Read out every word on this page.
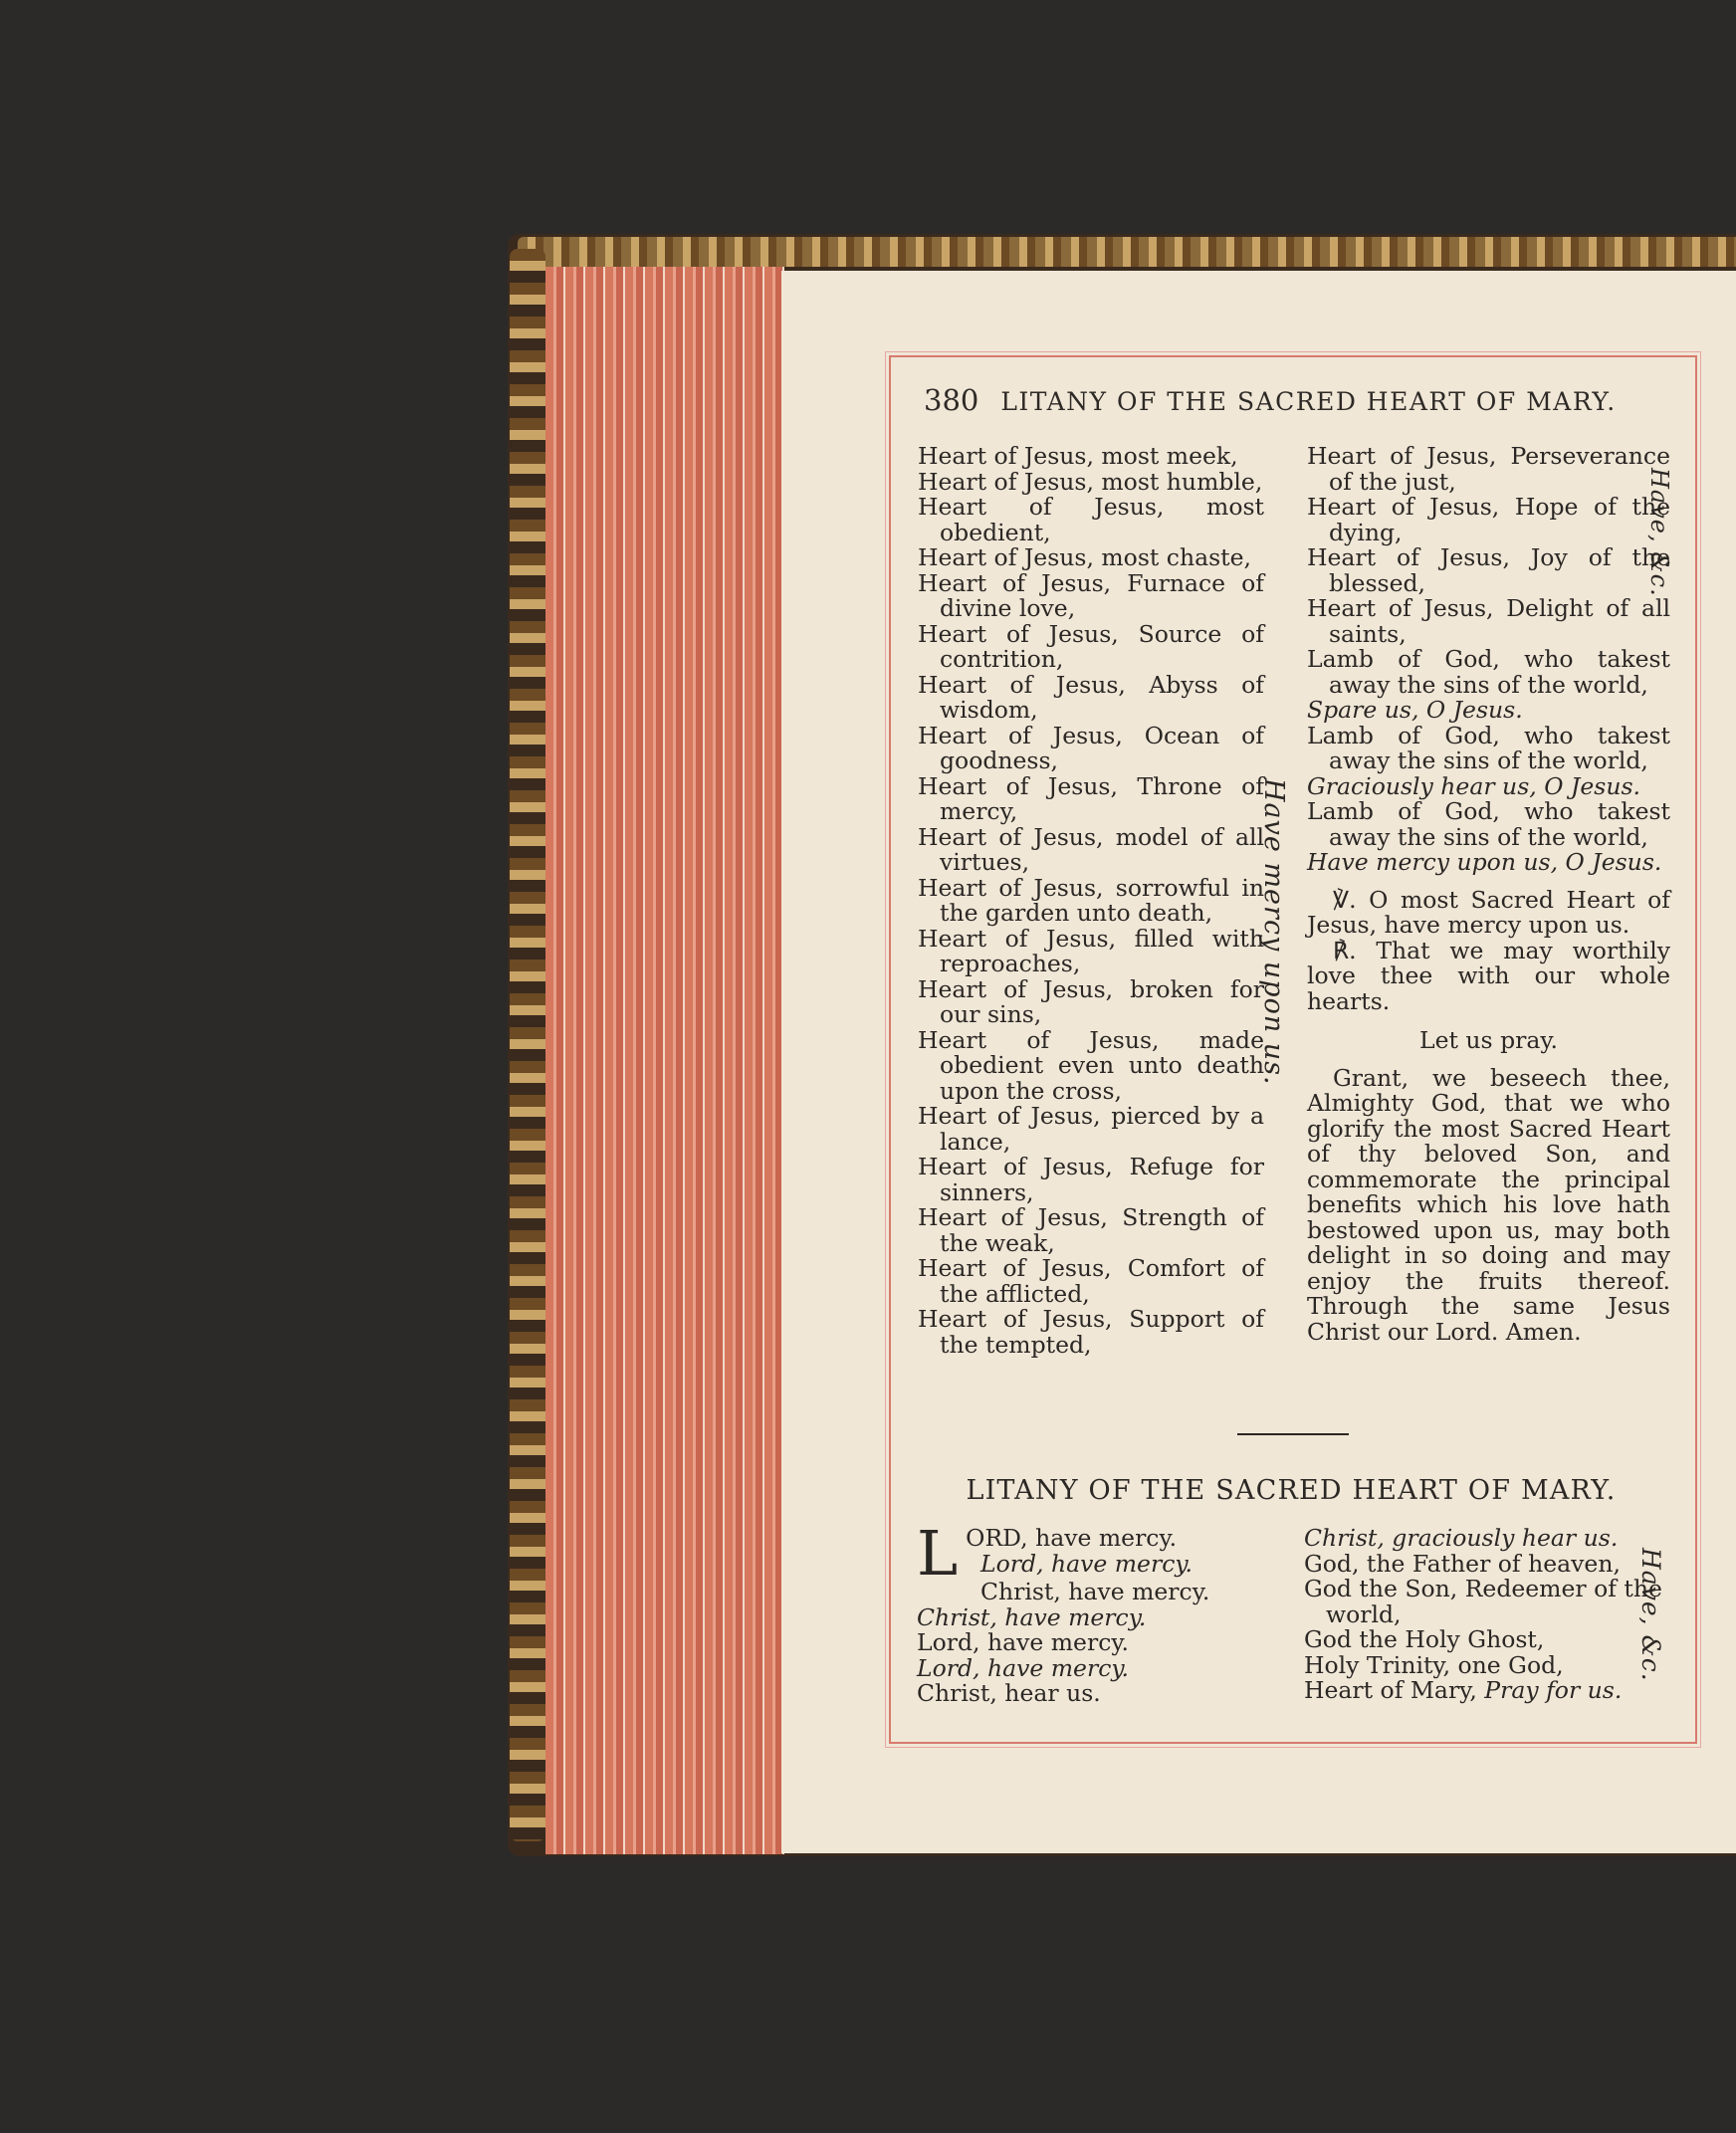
380 LITANY OF THE SACRED HEART OF MARY.

Heart of Jesus, most meek,

Heart of Jesus, most humble,

Heart of Jesus, most obedient,

Heart of Jesus, most chaste,

Heart of Jesus, Furnace of divine love,

Heart of Jesus, Source of contrition,

Heart of Jesus, Abyss of wisdom,

Heart of Jesus, Ocean of goodness,

Heart of Jesus, Throne of mercy,

Heart of Jesus, model of all virtues,

Heart of Jesus, sorrowful in the garden unto death,

Heart of Jesus, filled with reproaches,

Heart of Jesus, broken for our sins,

Heart of Jesus, made obedient even unto death upon the cross,

Heart of Jesus, pierced by a lance,

Heart of Jesus, Refuge for sinners,

Heart of Jesus, Strength of the weak,

Heart of Jesus, Comfort of the afflicted,

Heart of Jesus, Support of the tempted,

Have mercy upon us.

Heart of Jesus, Perseverance of the just,

Heart of Jesus, Hope of the dying,

Heart of Jesus, Joy of the blessed,

Heart of Jesus, Delight of all saints,

Lamb of God, who takest away the sins of the world,

Spare us, O Jesus.

Lamb of God, who takest away the sins of the world,

Graciously hear us, O Jesus.

Lamb of God, who takest away the sins of the world,

Have mercy upon us, O Jesus.

℣. O most Sacred Heart of Jesus, have mercy upon us.

℟. That we may worthily love thee with our whole hearts.

Let us pray.

Grant, we beseech thee, Almighty God, that we who glorify the most Sacred Heart of thy beloved Son, and commemorate the principal benefits which his love hath bestowed upon us, may both delight in so doing and may enjoy the fruits thereof. Through the same Jesus Christ our Lord. Amen.

Have, &c.
LITANY OF THE SACRED HEART OF MARY.

L ORD, have mercy.

Lord, have mercy.

Christ, have mercy.

Christ, have mercy.

Lord, have mercy.

Lord, have mercy.

Christ, hear us.

Christ, graciously hear us.

God, the Father of heaven,

God the Son, Redeemer of the world,

God the Holy Ghost,

Holy Trinity, one God,

Heart of Mary, Pray for us.

Have, &c.
